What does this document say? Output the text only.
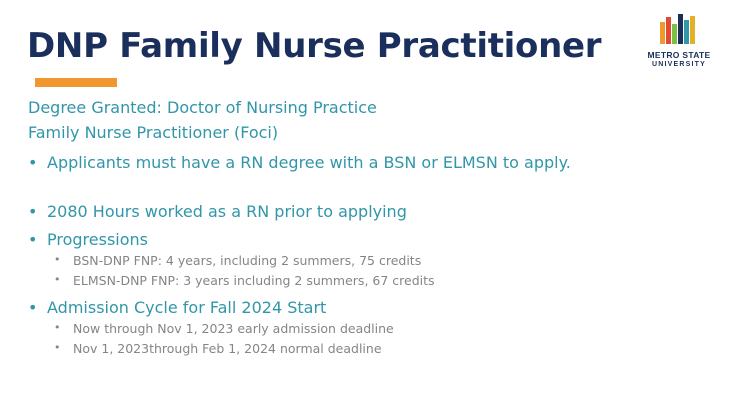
DNP Family Nurse Practitioner	METRO STATE
UNIVERSITY
Degree Granted: Doctor of Nursing Practice
Family Nurse Practitioner (Foci)
• Applicants must have a RN degree with a BSN or ELMSN to apply.
• 2080 Hours worked as a RN prior to applying
• Progressions
• BSN-DNP FNP: 4 years, including 2 summers, 75 credits
• ELMSN-DNP FNP: 3 years including 2 summers, 67 credits
• Admission Cycle for Fall 2024 Start
• Now through Nov 1, 2023 early admission deadline
• Nov 1, 2023through Feb 1, 2024 normal deadline
